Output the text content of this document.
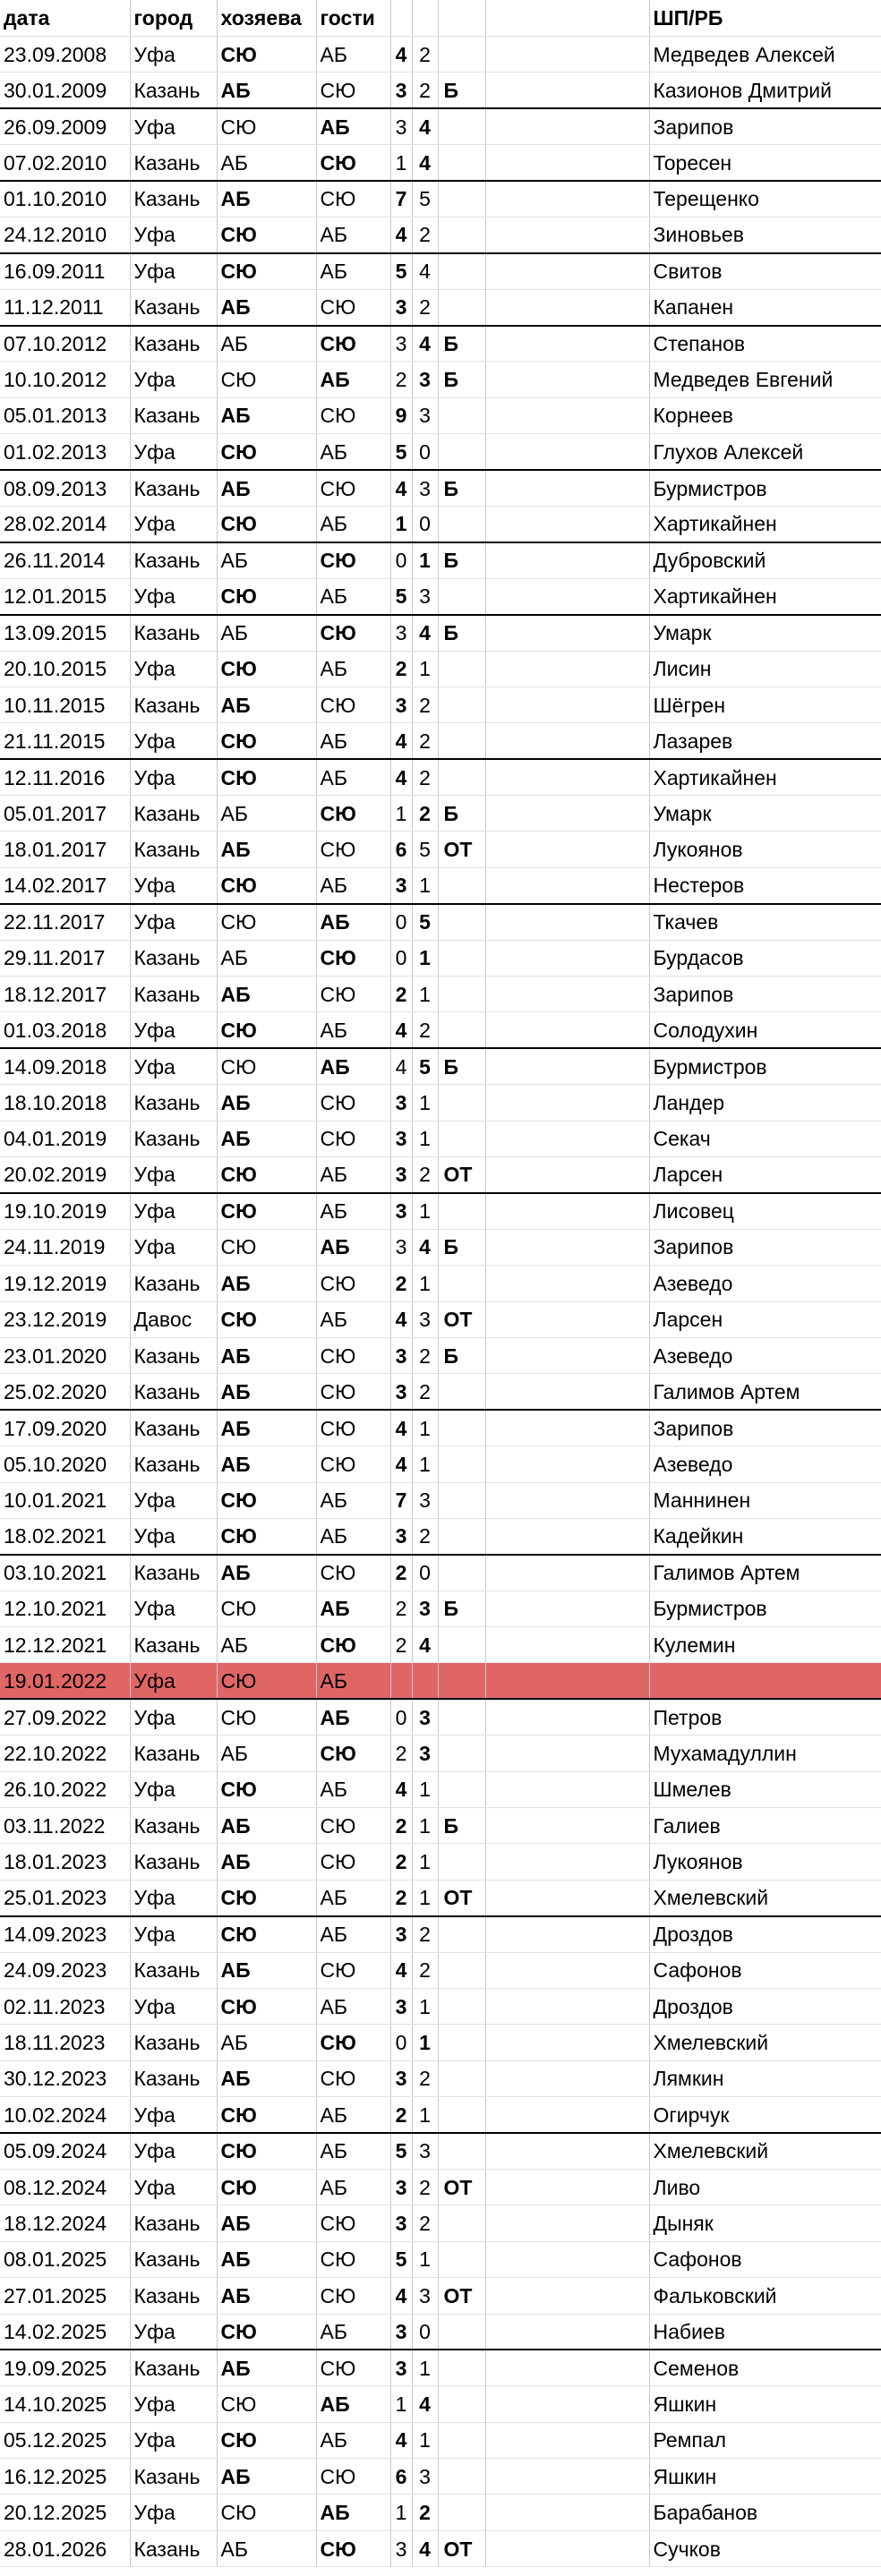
дата	город	хозяева	гости					ШП/РБ
23.09.2008	Уфа	СЮ	АБ	4	2			Медведев Алексей
30.01.2009	Казань	АБ	СЮ	3	2	Б		Казионов Дмитрий
26.09.2009	Уфа	СЮ	АБ	3	4			Зарипов
07.02.2010	Казань	АБ	СЮ	1	4			Торесен
01.10.2010	Казань	АБ	СЮ	7	5			Терещенко
24.12.2010	Уфа	СЮ	АБ	4	2			Зиновьев
16.09.2011	Уфа	СЮ	АБ	5	4			Свитов
11.12.2011	Казань	АБ	СЮ	3	2			Капанен
07.10.2012	Казань	АБ	СЮ	3	4	Б		Степанов
10.10.2012	Уфа	СЮ	АБ	2	3	Б		Медведев Евгений
05.01.2013	Казань	АБ	СЮ	9	3			Корнеев
01.02.2013	Уфа	СЮ	АБ	5	0			Глухов Алексей
08.09.2013	Казань	АБ	СЮ	4	3	Б		Бурмистров
28.02.2014	Уфа	СЮ	АБ	1	0			Хартикайнен
26.11.2014	Казань	АБ	СЮ	0	1	Б		Дубровский
12.01.2015	Уфа	СЮ	АБ	5	3			Хартикайнен
13.09.2015	Казань	АБ	СЮ	3	4	Б		Умарк
20.10.2015	Уфа	СЮ	АБ	2	1			Лисин
10.11.2015	Казань	АБ	СЮ	3	2			Шёгрен
21.11.2015	Уфа	СЮ	АБ	4	2			Лазарев
12.11.2016	Уфа	СЮ	АБ	4	2			Хартикайнен
05.01.2017	Казань	АБ	СЮ	1	2	Б		Умарк
18.01.2017	Казань	АБ	СЮ	6	5	ОТ		Лукоянов
14.02.2017	Уфа	СЮ	АБ	3	1			Нестеров
22.11.2017	Уфа	СЮ	АБ	0	5			Ткачев
29.11.2017	Казань	АБ	СЮ	0	1			Бурдасов
18.12.2017	Казань	АБ	СЮ	2	1			Зарипов
01.03.2018	Уфа	СЮ	АБ	4	2			Солодухин
14.09.2018	Уфа	СЮ	АБ	4	5	Б		Бурмистров
18.10.2018	Казань	АБ	СЮ	3	1			Ландер
04.01.2019	Казань	АБ	СЮ	3	1			Секач
20.02.2019	Уфа	СЮ	АБ	3	2	ОТ		Ларсен
19.10.2019	Уфа	СЮ	АБ	3	1			Лисовец
24.11.2019	Уфа	СЮ	АБ	3	4	Б		Зарипов
19.12.2019	Казань	АБ	СЮ	2	1			Азеведо
23.12.2019	Давос	СЮ	АБ	4	3	ОТ		Ларсен
23.01.2020	Казань	АБ	СЮ	3	2	Б		Азеведо
25.02.2020	Казань	АБ	СЮ	3	2			Галимов Артем
17.09.2020	Казань	АБ	СЮ	4	1			Зарипов
05.10.2020	Казань	АБ	СЮ	4	1			Азеведо
10.01.2021	Уфа	СЮ	АБ	7	3			Маннинен
18.02.2021	Уфа	СЮ	АБ	3	2			Кадейкин
03.10.2021	Казань	АБ	СЮ	2	0			Галимов Артем
12.10.2021	Уфа	СЮ	АБ	2	3	Б		Бурмистров
12.12.2021	Казань	АБ	СЮ	2	4			Кулемин
19.01.2022	Уфа	СЮ	АБ					
27.09.2022	Уфа	СЮ	АБ	0	3			Петров
22.10.2022	Казань	АБ	СЮ	2	3			Мухамадуллин
26.10.2022	Уфа	СЮ	АБ	4	1			Шмелев
03.11.2022	Казань	АБ	СЮ	2	1	Б		Галиев
18.01.2023	Казань	АБ	СЮ	2	1			Лукоянов
25.01.2023	Уфа	СЮ	АБ	2	1	ОТ		Хмелевский
14.09.2023	Уфа	СЮ	АБ	3	2			Дроздов
24.09.2023	Казань	АБ	СЮ	4	2			Сафонов
02.11.2023	Уфа	СЮ	АБ	3	1			Дроздов
18.11.2023	Казань	АБ	СЮ	0	1			Хмелевский
30.12.2023	Казань	АБ	СЮ	3	2			Лямкин
10.02.2024	Уфа	СЮ	АБ	2	1			Огирчук
05.09.2024	Уфа	СЮ	АБ	5	3			Хмелевский
08.12.2024	Уфа	СЮ	АБ	3	2	ОТ		Ливо
18.12.2024	Казань	АБ	СЮ	3	2			Дыняк
08.01.2025	Казань	АБ	СЮ	5	1			Сафонов
27.01.2025	Казань	АБ	СЮ	4	3	ОТ		Фальковский
14.02.2025	Уфа	СЮ	АБ	3	0			Набиев
19.09.2025	Казань	АБ	СЮ	3	1			Семенов
14.10.2025	Уфа	СЮ	АБ	1	4			Яшкин
05.12.2025	Уфа	СЮ	АБ	4	1			Ремпал
16.12.2025	Казань	АБ	СЮ	6	3			Яшкин
20.12.2025	Уфа	СЮ	АБ	1	2			Барабанов
28.01.2026	Казань	АБ	СЮ	3	4	ОТ		Сучков
